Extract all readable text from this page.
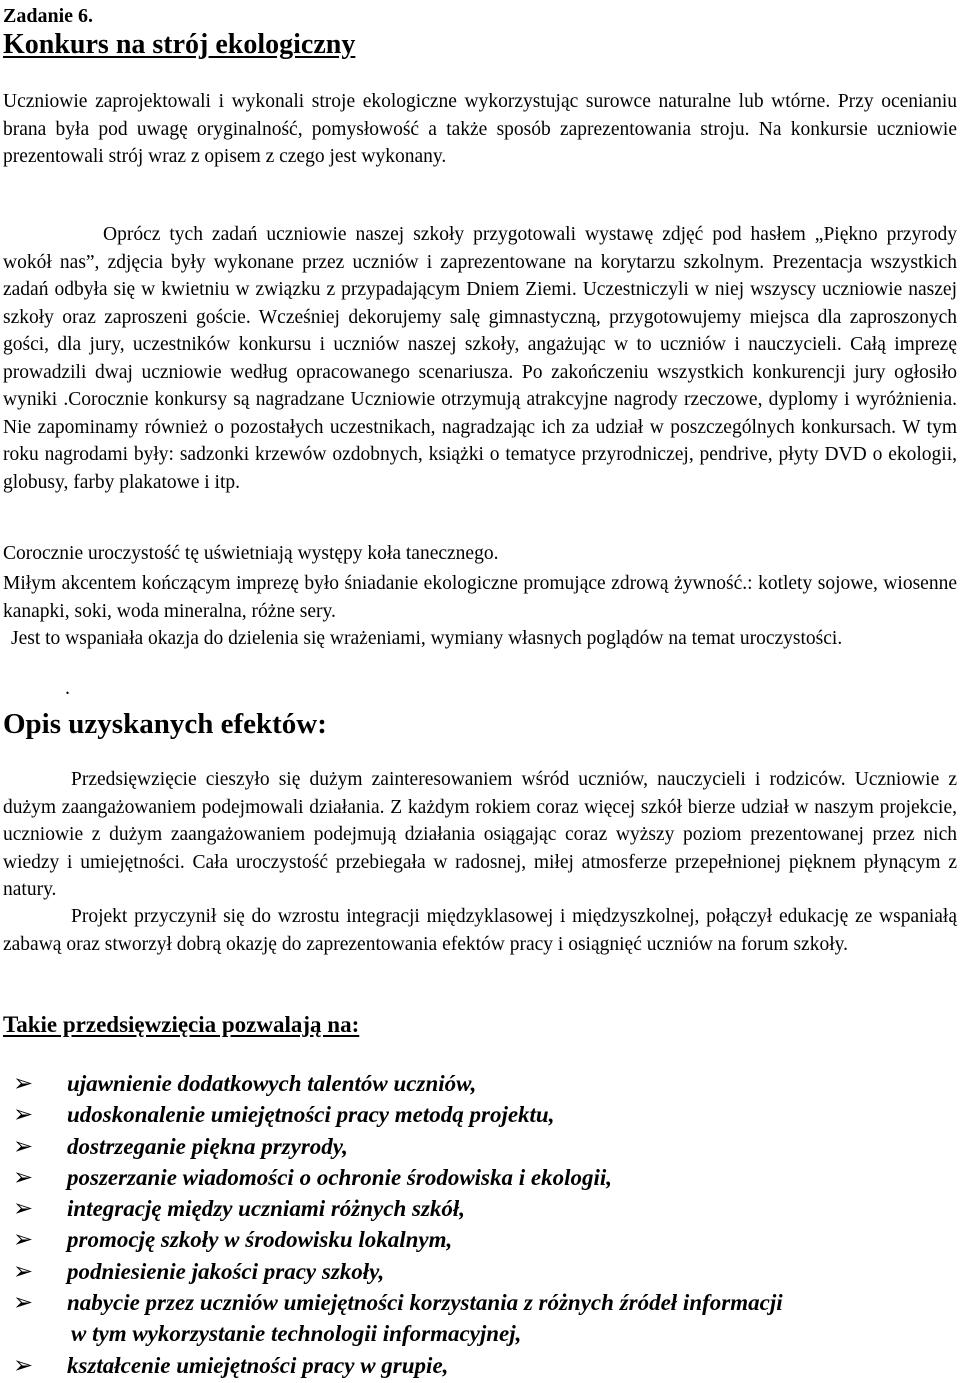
Zadanie 6.
Konkurs na strój ekologiczny

Uczniowie zaprojektowali i wykonali stroje ekologiczne wykorzystując surowce naturalne lub wtórne. Przy ocenianiu brana była pod uwagę oryginalność, pomysłowość a także sposób zaprezentowania stroju. Na konkursie uczniowie prezentowali strój wraz z opisem z czego jest wykonany.

Oprócz tych zadań uczniowie naszej szkoły przygotowali wystawę zdjęć pod hasłem „Piękno przyrody wokół nas”, zdjęcia były wykonane przez uczniów i zaprezentowane na korytarzu szkolnym. Prezentacja wszystkich zadań odbyła się w kwietniu w związku z przypadającym Dniem Ziemi. Uczestniczyli w niej wszyscy uczniowie naszej szkoły oraz zaproszeni goście. Wcześniej dekorujemy salę gimnastyczną, przygotowujemy miejsca dla zaproszonych gości, dla jury, uczestników konkursu i uczniów naszej szkoły, angażując w to uczniów i nauczycieli. Całą imprezę prowadzili dwaj uczniowie według opracowanego scenariusza. Po zakończeniu wszystkich konkurencji jury ogłosiło wyniki .Corocznie konkursy są nagradzane Uczniowie otrzymują atrakcyjne nagrody rzeczowe, dyplomy i wyróżnienia. Nie zapominamy również o pozostałych uczestnikach, nagradzając ich za udział w poszczególnych konkursach. W tym roku nagrodami były: sadzonki krzewów ozdobnych, książki o tematyce przyrodniczej, pendrive, płyty DVD o ekologii, globusy, farby plakatowe i itp.

Corocznie uroczystość tę uświetniają występy koła tanecznego.

Miłym akcentem kończącym imprezę było śniadanie ekologiczne promujące zdrową żywność.: kotlety sojowe, wiosenne kanapki, soki, woda mineralna, różne sery.

Jest to wspaniała okazja do dzielenia się wrażeniami, wymiany własnych poglądów na temat uroczystości.

.
Opis uzyskanych efektów:

Przedsięwzięcie cieszyło się dużym zainteresowaniem wśród uczniów, nauczycieli i rodziców. Uczniowie z dużym zaangażowaniem podejmowali działania. Z każdym rokiem coraz więcej szkół bierze udział w naszym projekcie, uczniowie z dużym zaangażowaniem podejmują działania osiągając coraz wyższy poziom prezentowanej przez nich wiedzy i umiejętności. Cała uroczystość przebiegała w radosnej, miłej atmosferze przepełnionej pięknem płynącym z natury.

Projekt przyczynił się do wzrostu integracji międzyklasowej i międzyszkolnej, połączył edukację ze wspaniałą zabawą oraz stworzył dobrą okazję do zaprezentowania efektów pracy i osiągnięć uczniów na forum szkoły.

Takie przedsięwzięcia pozwalają na:
➢ ujawnienie dodatkowych talentów uczniów,
➢ udoskonalenie umiejętności pracy metodą projektu,
➢ dostrzeganie piękna przyrody,
➢ poszerzanie wiadomości o ochronie środowiska i ekologii,
➢ integrację między uczniami różnych szkół,
➢ promocję szkoły w środowisku lokalnym,
➢ podniesienie jakości pracy szkoły,
➢ nabycie przez uczniów umiejętności korzystania z różnych źródeł informacji
w tym wykorzystanie technologii informacyjnej,
➢ kształcenie umiejętności pracy w grupie,
